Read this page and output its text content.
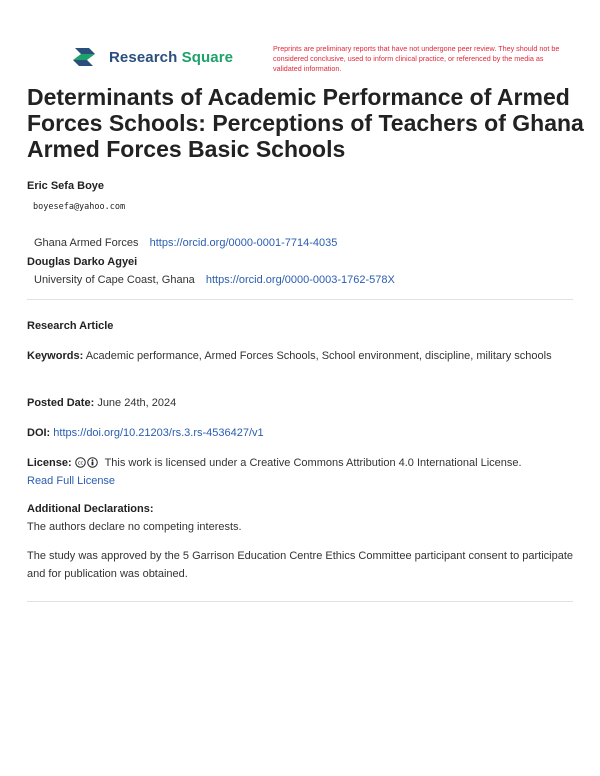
Research Square	Preprints are preliminary reports that have not undergone peer review. They should not be considered conclusive, used to inform clinical practice, or referenced by the media as validated information.
Determinants of Academic Performance of Armed Forces Schools: Perceptions of Teachers of Ghana Armed Forces Basic Schools
Eric Sefa Boye
boyesefa@yahoo.com
Ghana Armed Forces https://orcid.org/0000-0001-7714-4035
Douglas Darko Agyei
University of Cape Coast, Ghana https://orcid.org/0000-0003-1762-578X
Research Article
Keywords: Academic performance, Armed Forces Schools, School environment, discipline, military schools
Posted Date: June 24th, 2024
DOI: https://doi.org/10.21203/rs.3.rs-4536427/v1
License: cc This work is licensed under a Creative Commons Attribution 4.0 International License.
Read Full License
Additional Declarations:
The authors declare no competing interests.
The study was approved by the 5 Garrison Education Centre Ethics Committee participant consent to participate and for publication was obtained.
